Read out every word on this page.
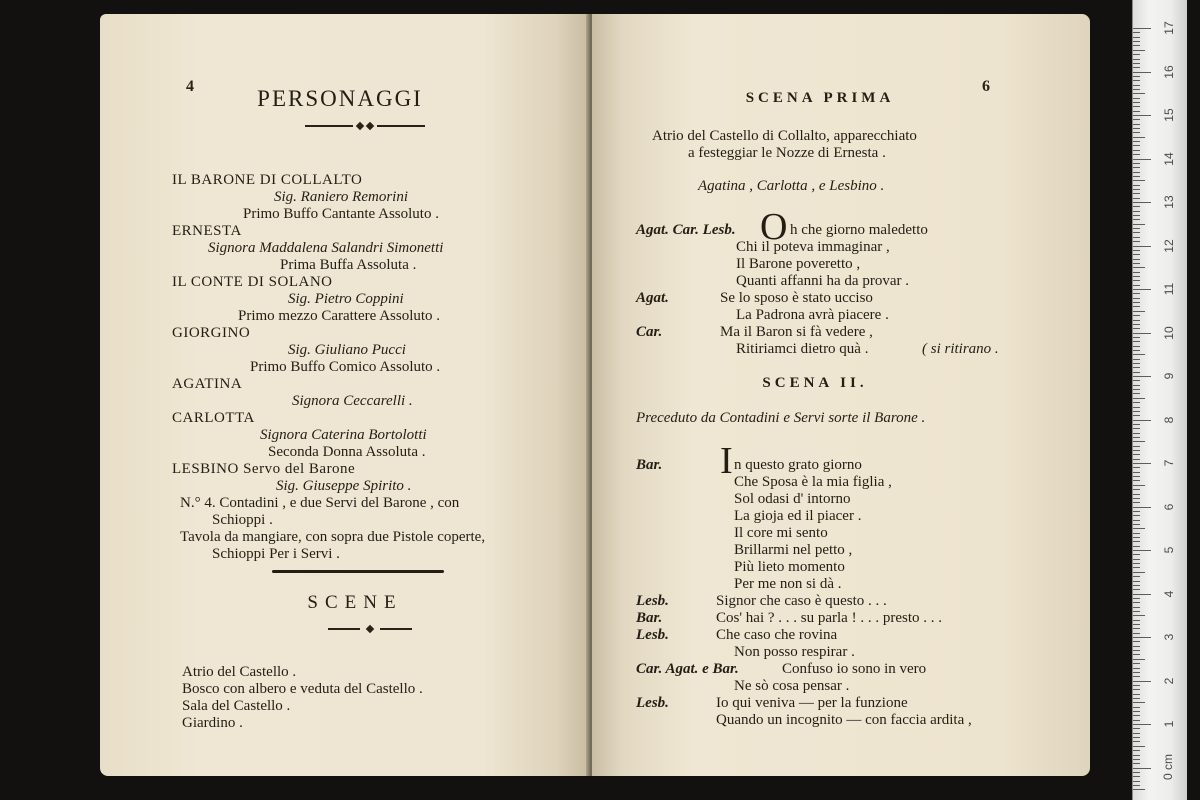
4	PERSONAGGI
IL BARONE DI COLLALTO
Sig. Raniero Remorini
Primo Buffo Cantante Assoluto .
ERNESTA
Signora Maddalena Salandri Simonetti
Prima Buffa Assoluta .
IL CONTE DI SOLANO
Sig. Pietro Coppini
Primo mezzo Carattere Assoluto .
GIORGINO
Sig. Giuliano Pucci
Primo Buffo Comico Assoluto .
AGATINA
Signora Ceccarelli .
CARLOTTA
Signora Caterina Bortolotti
Seconda Donna Assoluta .
LESBINO Servo del Barone
Sig. Giuseppe Spirito .
N.° 4. Contadini , e due Servi del Barone , con
Schioppi .
Tavola da mangiare, con sopra due Pistole coperte,
Schioppi Per i Servi .
SCENE
Atrio del Castello .
Bosco con albero e veduta del Castello .
Sala del Castello .
Giardino .
6
SCENA PRIMA
Atrio del Castello di Collalto, apparecchiato
a festeggiar le Nozze di Ernesta .
Agatina , Carlotta , e Lesbino .
Agat. Car. Lesb. O h che giorno maledetto
Chi il poteva immaginar ,
Il Barone poveretto ,
Quanti affanni ha da provar .
Agat.	Se lo sposo è stato ucciso
La Padrona avrà piacere .
Car.	Ma il Baron si fà vedere ,
Ritiriamci dietro quà .	( si ritirano .
SCENA II.
Preceduto da Contadini e Servi sorte il Barone .
Bar. I n questo grato giorno
Che Sposa è la mia figlia ,
Sol odasi d' intorno
La gioja ed il piacer .
Il core mi sento
Brillarmi nel petto ,
Più lieto momento
Per me non si dà .
Lesb.	Signor che caso è questo . . .
Bar.	Cos' hai ? . . . su parla ! . . . presto . . .
Lesb.	Che caso che rovina
Non posso respirar .
Car. Agat. e Bar.	Confuso io sono in vero
Ne sò cosa pensar .
Lesb.	Io qui veniva — per la funzione
Quando un incognito — con faccia ardita ,
0 cm
17
16
15
14
13
12
11
10
9
8
7
6
5
4
3
2
1
